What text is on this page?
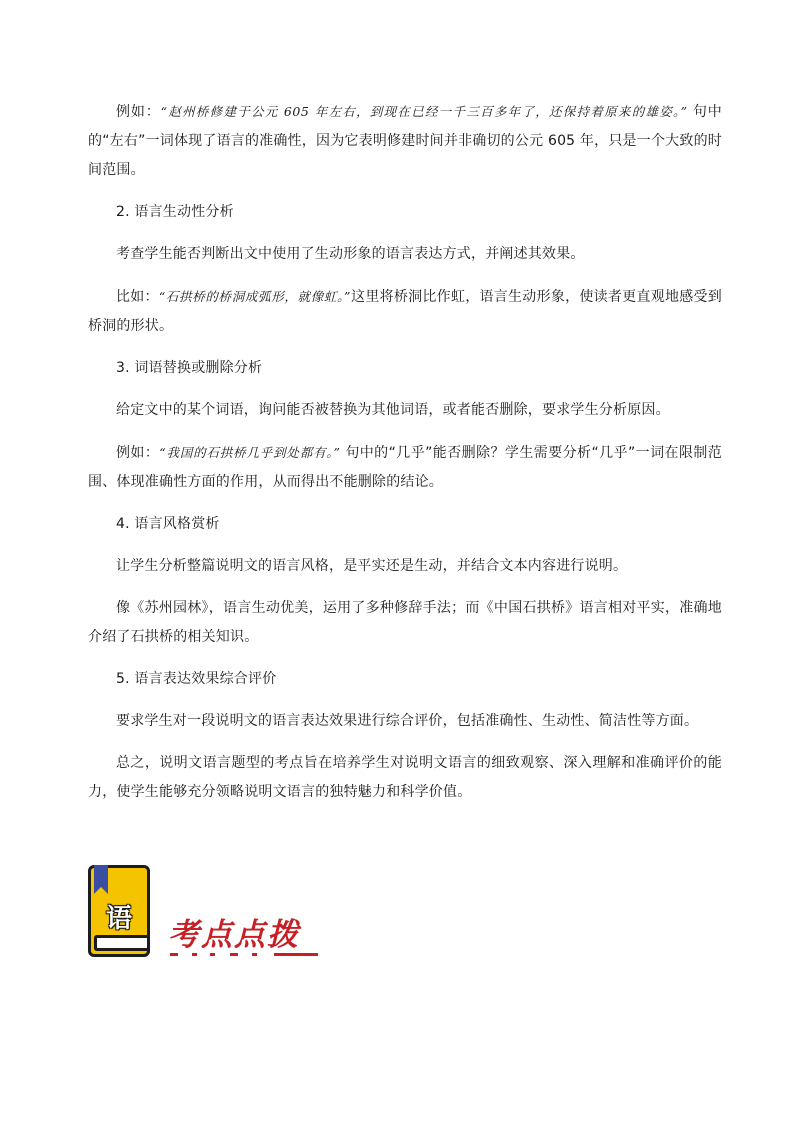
例如：“赵州桥修建于公元 605 年左右，到现在已经一千三百多年了，还保持着原来的雄姿。” 句中的“左右”一词体现了语言的准确性，因为它表明修建时间并非确切的公元 605 年，只是一个大致的时间范围。

2. 语言生动性分析

考查学生能否判断出文中使用了生动形象的语言表达方式，并阐述其效果。

比如：“石拱桥的桥洞成弧形，就像虹。”这里将桥洞比作虹，语言生动形象，使读者更直观地感受到桥洞的形状。

3. 词语替换或删除分析

给定文中的某个词语，询问能否被替换为其他词语，或者能否删除，要求学生分析原因。

例如：“我国的石拱桥几乎到处都有。” 句中的“几乎”能否删除？学生需要分析“几乎”一词在限制范围、体现准确性方面的作用，从而得出不能删除的结论。

4. 语言风格赏析

让学生分析整篇说明文的语言风格，是平实还是生动，并结合文本内容进行说明。

像《苏州园林》，语言生动优美，运用了多种修辞手法；而《中国石拱桥》语言相对平实，准确地介绍了石拱桥的相关知识。

5. 语言表达效果综合评价

要求学生对一段说明文的语言表达效果进行综合评价，包括准确性、生动性、简洁性等方面。

总之，说明文语言题型的考点旨在培养学生对说明文语言的细致观察、深入理解和准确评价的能力，使学生能够充分领略说明文语言的独特魅力和科学价值。

语	考点点拨
